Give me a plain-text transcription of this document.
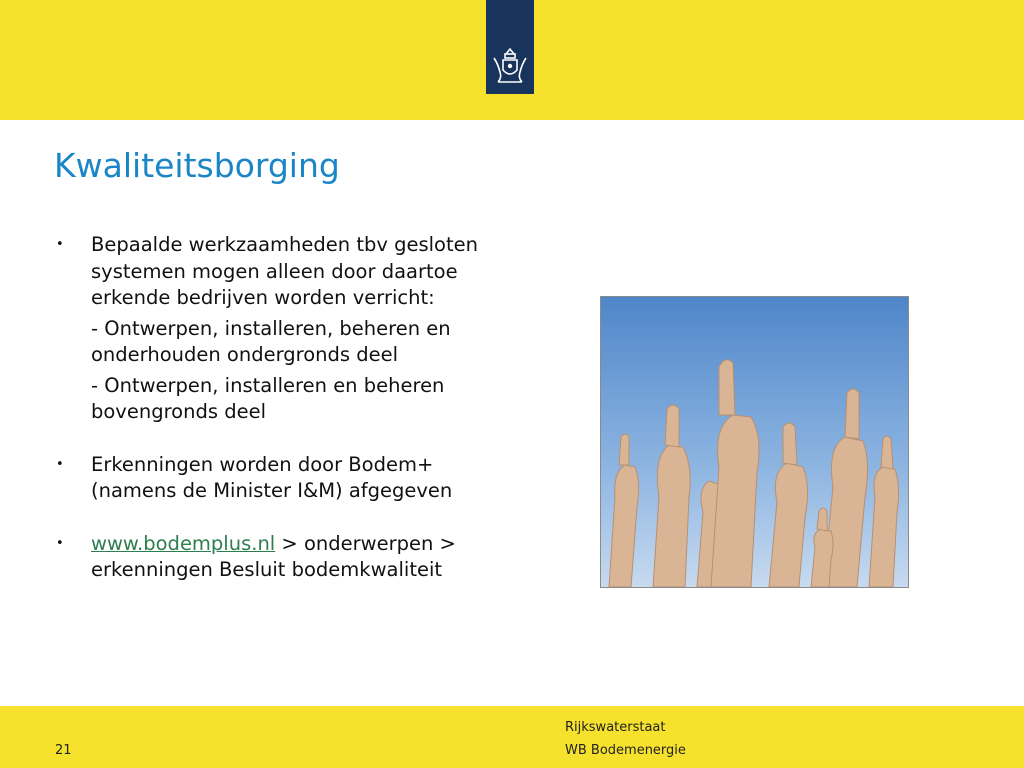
Kwaliteitsborging
• Bepaalde werkzaamheden tbv gesloten systemen mogen alleen door daartoe erkende bedrijven worden verricht:
- Ontwerpen, installeren, beheren en onderhouden ondergronds deel
- Ontwerpen, installeren en beheren bovengronds deel
• Erkenningen worden door Bodem+ (namens de Minister I&M) afgegeven
• www.bodemplus.nl > onderwerpen > erkenningen Besluit bodemkwaliteit
21
Rijkswaterstaat
WB Bodemenergie
